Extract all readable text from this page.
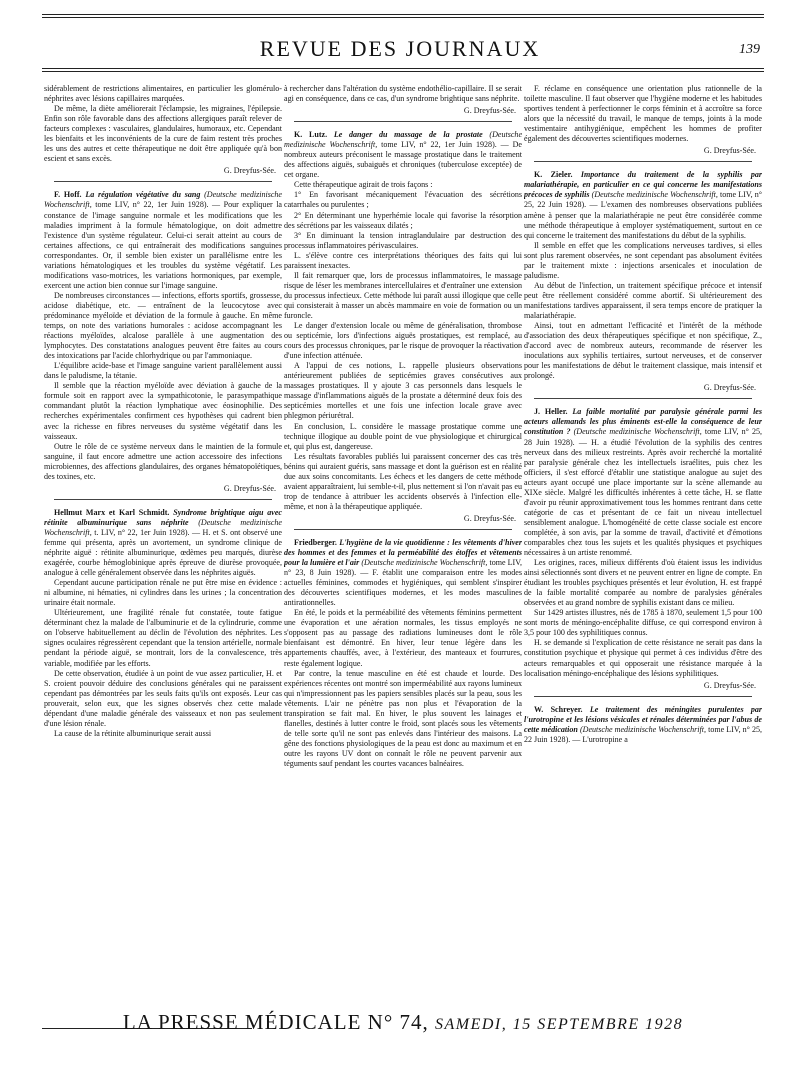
REVUE DES JOURNAUX	139

sidérablement de restrictions alimentaires, en particulier les glomérulo-néphrites avec lésions capillaires marquées.

De même, la diète améliorerait l'éclampsie, les migraines, l'épilepsie. Enfin son rôle favorable dans des affections allergiques paraît relever de facteurs complexes : vasculaires, glandulaires, humoraux, etc. Cependant les bienfaits et les inconvénients de la cure de faim restent très proches les uns des autres et cette thérapeutique ne doit être appliquée qu'à bon escient et sans excès.

G. Dreyfus-Sée.

F. Hoff. La régulation végétative du sang (Deutsche medizinische Wochenschrift, tome LIV, n° 22, 1er Juin 1928). — Pour expliquer la constance de l'image sanguine normale et les modifications que les maladies impriment à la formule hématologique, on doit admettre l'existence d'un système régulateur. Celui-ci serait atteint au cours de certaines affections, ce qui entraînerait des modifications sanguines correspondantes. Or, il semble bien exister un parallélisme entre les variations hématologiques et les troubles du système végétatif. Les modifications vaso-motrices, les variations hormoniques, par exemple, exercent une action bien connue sur l'image sanguine.

De nombreuses circonstances — infections, efforts sportifs, grossesse, acidose diabétique, etc. — entraînent de la leucocytose avec prédominance myéloïde et déviation de la formule à gauche. En même temps, on note des variations humorales : acidose accompagnant les réactions myéloïdes, alcalose parallèle à une augmentation des lymphocytes. Des constatations analogues peuvent être faites au cours des intoxications par l'acide chlorhydrique ou par l'ammoniaque.

L'équilibre acide-base et l'image sanguine varient parallèlement aussi dans le paludisme, la tétanie.

Il semble que la réaction myéloïde avec déviation à gauche de la formule soit en rapport avec la sympathicotonie, le parasympathique commandant plutôt la réaction lymphatique avec éosinophilie. Des recherches expérimentales confirment ces hypothèses qui cadrent bien avec la richesse en fibres nerveuses du système végétatif dans les vaisseaux.

Outre le rôle de ce système nerveux dans le maintien de la formule sanguine, il faut encore admettre une action accessoire des infections microbiennes, des affections glandulaires, des organes hématopoïétiques, des toxines, etc.

G. Dreyfus-Sée.

Hellmut Marx et Karl Schmidt. Syndrome brightique aigu avec rétinite albuminurique sans néphrite (Deutsche medizinische Wochenschrift, t. LIV, n° 22, 1er Juin 1928). — H. et S. ont observé une femme qui présenta, après un avortement, un syndrome clinique de néphrite aiguë : rétinite albuminurique, œdèmes peu marqués, diurèse exagérée, courbe hémoglobinique après épreuve de diurèse provoquée, analogue à celle généralement observée dans les néphrites aiguës.

Cependant aucune participation rénale ne put être mise en évidence : ni albumine, ni hématies, ni cylindres dans les urines ; la concentration urinaire était normale.

Ultérieurement, une fragilité rénale fut constatée, toute fatigue déterminant chez la malade de l'albuminurie et de la cylindrurie, comme on l'observe habituellement au déclin de l'évolution des néphrites. Les signes oculaires régressèrent cependant que la tension artérielle, normale pendant la période aiguë, se montrait, lors de la convalescence, très variable, modifiée par les efforts.

De cette observation, étudiée à un point de vue assez particulier, H. et S. croient pouvoir déduire des conclusions générales qui ne paraissent cependant pas démontrées par les seuls faits qu'ils ont exposés. Leur cas prouverait, selon eux, que les signes observés chez cette malade dépendant d'une maladie générale des vaisseaux et non pas seulement d'une lésion rénale.

La cause de la rétinite albuminurique serait aussi

à rechercher dans l'altération du système endothélio-capillaire. Il se serait agi en conséquence, dans ce cas, d'un syndrome brightique sans néphrite.

G. Dreyfus-Sée.

K. Lutz. Le danger du massage de la prostate (Deutsche medizinische Wochenschrift, tome LIV, n° 22, 1er Juin 1928). — De nombreux auteurs préconisent le massage prostatique dans le traitement des affections aiguës, subaiguës et chroniques (tuberculose exceptée) de cet organe.

Cette thérapeutique agirait de trois façons :

1° En favorisant mécaniquement l'évacuation des sécrétions catarrhales ou purulentes ;

2° En déterminant une hyperhémie locale qui favorise la résorption des sécrétions par les vaisseaux dilatés ;

3° En diminuant la tension intraglandulaire par destruction des processus inflammatoires périvasculaires.

L. s'élève contre ces interprétations théoriques des faits qui lui paraissent inexactes.

Il fait remarquer que, lors de processus inflammatoires, le massage risque de léser les membranes intercellulaires et d'entraîner une extension du processus infectieux. Cette méthode lui paraît aussi illogique que celle qui consisterait à masser un abcès mammaire en voie de formation ou un furoncle.

Le danger d'extension locale ou même de généralisation, thrombose ou septicémie, lors d'infections aiguës prostatiques, est remplacé, au cours des processus chroniques, par le risque de provoquer la réactivation d'une infection atténuée.

A l'appui de ces notions, L. rappelle plusieurs observations antérieurement publiées de septicémies graves consécutives aux massages prostatiques. Il y ajoute 3 cas personnels dans lesquels le massage d'inflammations aiguës de la prostate a déterminé deux fois des septicémies mortelles et une fois une infection locale grave avec phlegmon périurétral.

En conclusion, L. considère le massage prostatique comme une technique illogique au double point de vue physiologique et chirurgical et, qui plus est, dangereuse.

Les résultats favorables publiés lui paraissent concerner des cas très bénins qui auraient guéris, sans massage et dont la guérison est en réalité due aux soins concomitants. Les échecs et les dangers de cette méthode avaient apparaîtraient, lui semble-t-il, plus nettement si l'on n'avait pas eu trop de tendance à attribuer les accidents observés à l'infection elle-même, et non à la thérapeutique appliquée.

G. Dreyfus-Sée.

Friedberger. L'hygiène de la vie quotidienne : les vêtements d'hiver des hommes et des femmes et la perméabilité des étoffes et vêtements pour la lumière et l'air (Deutsche medizinische Wochenschrift, tome LIV, n° 23, 8 Juin 1928). — F. établit une comparaison entre les modes actuelles féminines, commodes et hygiéniques, qui semblent s'inspirer des découvertes scientifiques modernes, et les modes masculines antirationnelles.

En été, le poids et la perméabilité des vêtements féminins permettent une évaporation et une aération normales, les tissus employés ne s'opposent pas au passage des radiations lumineuses dont le rôle bienfaisant est démontré. En hiver, leur tenue légère dans les appartements chauffés, avec, à l'extérieur, des manteaux et fourrures, reste également logique.

Par contre, la tenue masculine en été est chaude et lourde. Des expériences récentes ont montré son imperméabilité aux rayons lumineux qui n'impressionnent pas les papiers sensibles placés sur la peau, sous les vêtements. L'air ne pénètre pas non plus et l'évaporation de la transpiration se fait mal. En hiver, le plus souvent les lainages et flanelles, destinés à lutter contre le froid, sont placés sous les vêtements de telle sorte qu'il ne sont pas enlevés dans l'intérieur des maisons. La gêne des fonctions physiologiques de la peau est donc au maximum et en outre les rayons UV dont on connaît le rôle ne peuvent parvenir aux téguments sauf pendant les courtes vacances balnéaires.

F. réclame en conséquence une orientation plus rationnelle de la toilette masculine. Il faut observer que l'hygiène moderne et les habitudes sportives tendent à perfectionner le corps féminin et à accroître sa force alors que la nécessité du travail, le manque de temps, joints à la mode vestimentaire antihygiénique, empêchent les hommes de profiter également des découvertes scientifiques modernes.

G. Dreyfus-Sée.

K. Zieler. Importance du traitement de la syphilis par malariathérapie, en particulier en ce qui concerne les manifestations précoces de syphilis (Deutsche medizinische Wochenschrift, tome LIV, n° 25, 22 Juin 1928). — L'examen des nombreuses observations publiées amène à penser que la malariathérapie ne peut être considérée comme une méthode thérapeutique à employer systématiquement, surtout en ce qui concerne le traitement des manifestations du début de la syphilis.

Il semble en effet que les complications nerveuses tardives, si elles sont plus rarement observées, ne sont cependant pas absolument évitées par le traitement mixte : injections arsenicales et inoculation de paludisme.

Au début de l'infection, un traitement spécifique précoce et intensif peut être réellement considéré comme abortif. Si ultérieurement des manifestations tardives apparaissent, il sera temps encore de pratiquer la malariathérapie.

Ainsi, tout en admettant l'efficacité et l'intérêt de la méthode d'association des deux thérapeutiques spécifique et non spécifique, Z., d'accord avec de nombreux auteurs, recommande de réserver les inoculations aux syphilis tertiaires, surtout nerveuses, et de conserver pour les manifestations de début le traitement classique, mais intensif et prolongé.

G. Dreyfus-Sée.

J. Heller. La faible mortalité par paralysie générale parmi les acteurs allemands les plus éminents est-elle la conséquence de leur constitution ? (Deutsche medizinische Wochenschrift, tome LIV, n° 25, 28 Juin 1928). — H. a étudié l'évolution de la syphilis des centres nerveux dans des milieux restreints. Après avoir recherché la mortalité par paralysie générale chez les intellectuels israélites, puis chez les officiers, il s'est efforcé d'établir une statistique analogue au sujet des acteurs ayant occupé une place importante sur la scène allemande au XIXe siècle. Malgré les difficultés inhérentes à cette tâche, H. se flatte d'avoir pu réunir approximativement tous les hommes rentrant dans cette catégorie de cas et présentant de ce fait un niveau intellectuel sensiblement analogue. L'homogénéité de cette classe sociale est encore complétée, à son avis, par la somme de travail, d'activité et d'émotions comparables chez tous les sujets et les qualités physiques et psychiques nécessaires à un artiste renommé.

Les origines, races, milieux différents d'où étaient issus les individus ainsi sélectionnés sont divers et ne peuvent entrer en ligne de compte. En étudiant les troubles psychiques présentés et leur évolution, H. est frappé de la faible mortalité comparée au nombre de paralysies générales observées et au grand nombre de syphilis existant dans ce milieu.

Sur 1429 artistes illustres, nés de 1785 à 1870, seulement 1,5 pour 100 sont morts de méningo-encéphalite diffuse, ce qui correspond environ à 3,5 pour 100 des syphilitiques connus.

H. se demande si l'explication de cette résistance ne serait pas dans la constitution psychique et physique qui permet à ces individus d'être des acteurs remarquables et qui opposerait une résistance marquée à la localisation méningo-encéphalique des lésions syphilitiques.

G. Dreyfus-Sée.

W. Schreyer. Le traitement des méningites purulentes par l'urotropine et les lésions vésicales et rénales déterminées par l'abus de cette médication (Deutsche medizinische Wochenschrift, tome LIV, n° 25, 22 Juin 1928). — L'urotropine a

LA PRESSE MÉDICALE N° 74, SAMEDI, 15 SEPTEMBRE 1928
